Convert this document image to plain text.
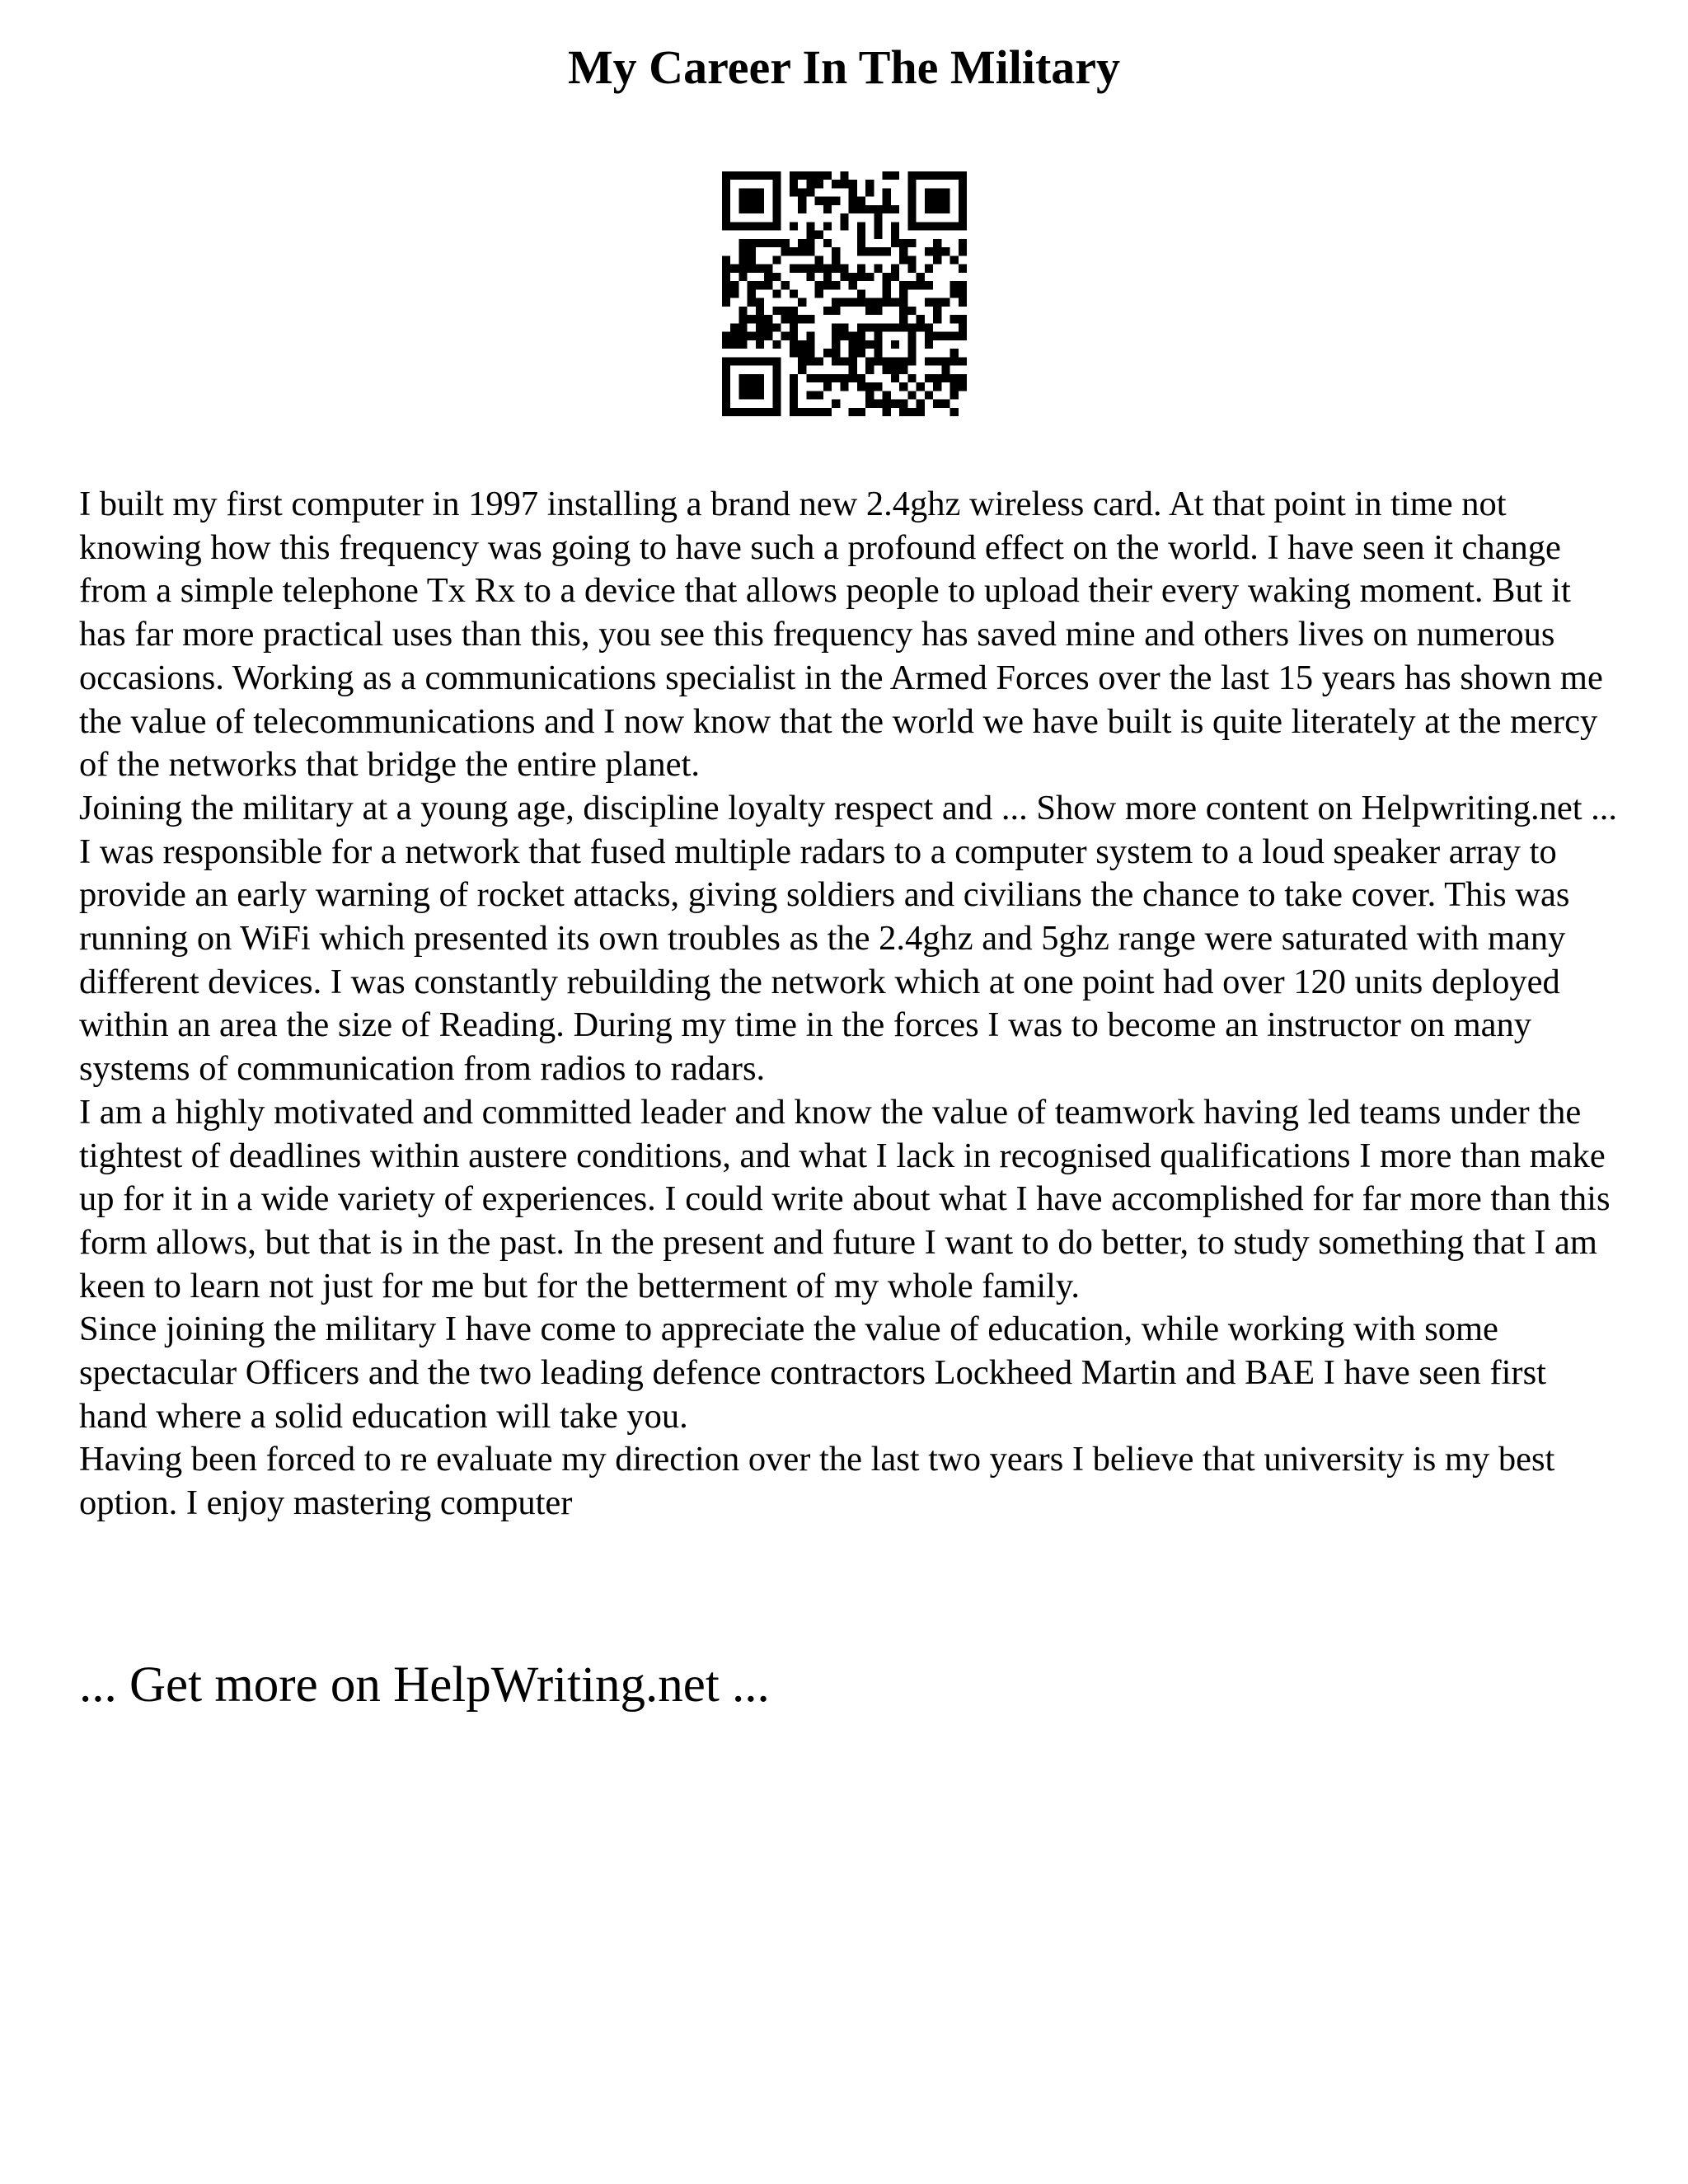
My Career In The Military

I built my first computer in 1997 installing a brand new 2.4ghz wireless card. At that point in time not knowing how this frequency was going to have such a profound effect on the world. I have seen it change from a simple telephone Tx Rx to a device that allows people to upload their every waking moment. But it has far more practical uses than this, you see this frequency has saved mine and others lives on numerous occasions. Working as a communications specialist in the Armed Forces over the last 15 years has shown me the value of telecommunications and I now know that the world we have built is quite literately at the mercy of the networks that bridge the entire planet.

Joining the military at a young age, discipline loyalty respect and ... Show more content on Helpwriting.net ...

I was responsible for a network that fused multiple radars to a computer system to a loud speaker array to provide an early warning of rocket attacks, giving soldiers and civilians the chance to take cover. This was running on WiFi which presented its own troubles as the 2.4ghz and 5ghz range were saturated with many different devices. I was constantly rebuilding the network which at one point had over 120 units deployed within an area the size of Reading. During my time in the forces I was to become an instructor on many systems of communication from radios to radars.

I am a highly motivated and committed leader and know the value of teamwork having led teams under the tightest of deadlines within austere conditions, and what I lack in recognised qualifications I more than make up for it in a wide variety of experiences. I could write about what I have accomplished for far more than this form allows, but that is in the past. In the present and future I want to do better, to study something that I am keen to learn not just for me but for the betterment of my whole family.

Since joining the military I have come to appreciate the value of education, while working with some spectacular Officers and the two leading defence contractors Lockheed Martin and BAE I have seen first hand where a solid education will take you.

Having been forced to re evaluate my direction over the last two years I believe that university is my best option. I enjoy mastering computer

... Get more on HelpWriting.net ...
